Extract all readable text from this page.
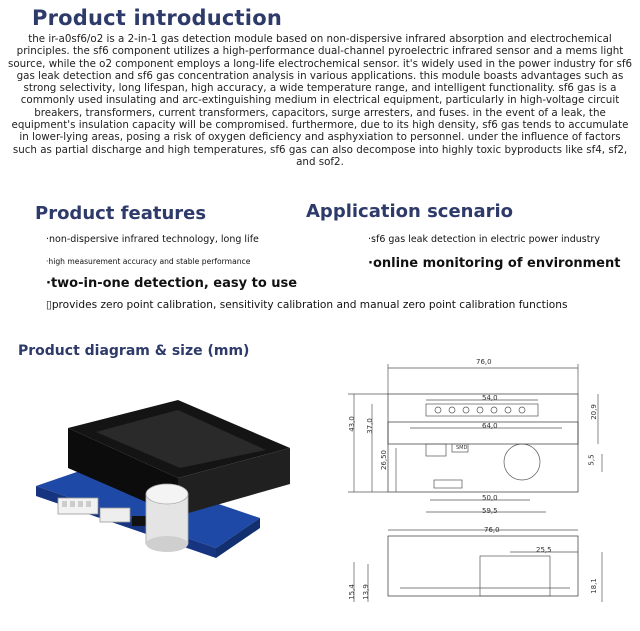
Product introduction
the ir-a0sf6/o2 is a 2-in-1 gas detection module based on non-dispersive infrared absorption and electrochemical principles. the sf6 component utilizes a high-performance dual-channel pyroelectric infrared sensor and a mems light source, while the o2 component employs a long-life electrochemical sensor. it's widely used in the power industry for sf6 gas leak detection and sf6 gas concentration analysis in various applications. this module boasts advantages such as strong selectivity, long lifespan, high accuracy, a wide temperature range, and intelligent functionality. sf6 gas is a commonly used insulating and arc-extinguishing medium in electrical equipment, particularly in high-voltage circuit breakers, transformers, current transformers, capacitors, surge arresters, and fuses. in the event of a leak, the equipment's insulation capacity will be compromised. furthermore, due to its high density, sf6 gas tends to accumulate in lower-lying areas, posing a risk of oxygen deficiency and asphyxiation to personnel. under the influence of factors such as partial discharge and high temperatures, sf6 gas can also decompose into highly toxic byproducts like sf4, sf2, and sof2.
Product features	Application scenario
·non-dispersive infrared technology, long life
·high measurement accuracy and stable performance
·two-in-one detection, easy to use
▯provides zero point calibration, sensitivity calibration and manual zero point calibration functions
·sf6 gas leak detection in electric power industry
·online monitoring of environment
Product diagram & size (mm)
76,0
54,0
64,0
43,0 37,0
20,9
26,50	5,5
SMD
50,0
59,5
76,0
25,5
15,4 13,9	18,1
